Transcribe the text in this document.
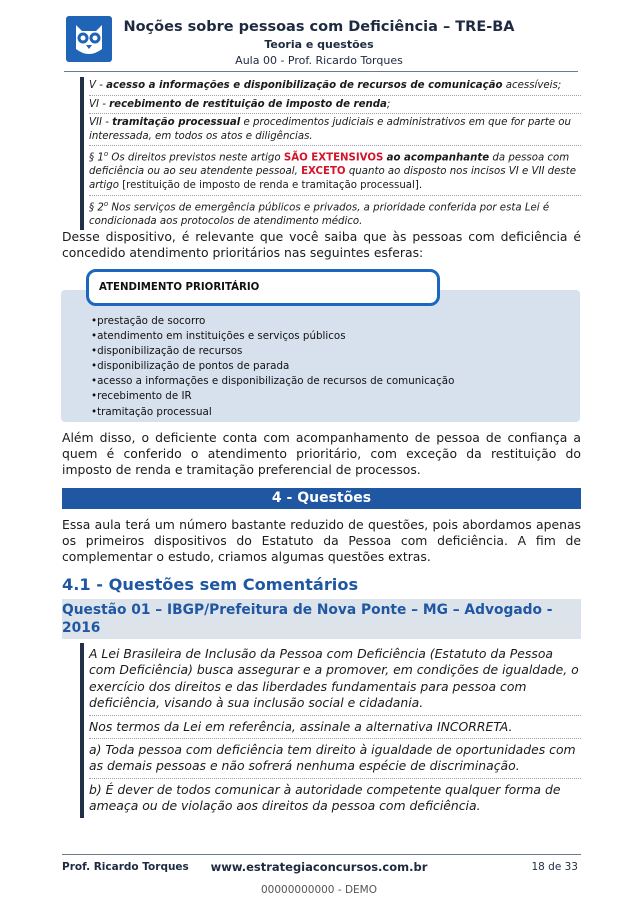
Noções sobre pessoas com Deficiência – TRE-BA
Teoria e questões
Aula 00 - Prof. Ricardo Torques
V - acesso a informações e disponibilização de recursos de comunicação acessíveis;
VI - recebimento de restituição de imposto de renda;
VII - tramitação processual e procedimentos judiciais e administrativos em que for parte ou interessada, em todos os atos e diligências.
§ 1$^o$ Os direitos previstos neste artigo SÃO EXTENSIVOS ao acompanhante da pessoa com deficiência ou ao seu atendente pessoal, EXCETO quanto ao disposto nos incisos VI e VII deste artigo [restituição de imposto de renda e tramitação processual].
§ 2$^o$ Nos serviços de emergência públicos e privados, a prioridade conferida por esta Lei é condicionada aos protocolos de atendimento médico.
Desse dispositivo, é relevante que você saiba que às pessoas com deficiência é concedido atendimento prioritários nas seguintes esferas:
ATENDIMENTO PRIORITÁRIO
•prestação de socorro
•atendimento em instituições e serviços públicos
•disponibilização de recursos
•disponibilização de pontos de parada
•acesso a informações e disponibilização de recursos de comunicação
•recebimento de IR
•tramitação processual
Além disso, o deficiente conta com acompanhamento de pessoa de confiança a quem é conferido o atendimento prioritário, com exceção da restituição do imposto de renda e tramitação preferencial de processos.
4 - Questões
Essa aula terá um número bastante reduzido de questões, pois abordamos apenas os primeiros dispositivos do Estatuto da Pessoa com deficiência. A fim de complementar o estudo, criamos algumas questões extras.
4.1 - Questões sem Comentários
Questão 01 – IBGP/Prefeitura de Nova Ponte – MG – Advogado - 2016
A Lei Brasileira de Inclusão da Pessoa com Deficiência (Estatuto da Pessoa com Deficiência) busca assegurar e a promover, em condições de igualdade, o exercício dos direitos e das liberdades fundamentais para pessoa com deficiência, visando à sua inclusão social e cidadania.
Nos termos da Lei em referência, assinale a alternativa INCORRETA.
a) Toda pessoa com deficiência tem direito à igualdade de oportunidades com as demais pessoas e não sofrerá nenhuma espécie de discriminação.
b) É dever de todos comunicar à autoridade competente qualquer forma de ameaça ou de violação aos direitos da pessoa com deficiência.
Prof. Ricardo Torques	www.estrategiaconcursos.com.br	18 de 33
00000000000 - DEMO
